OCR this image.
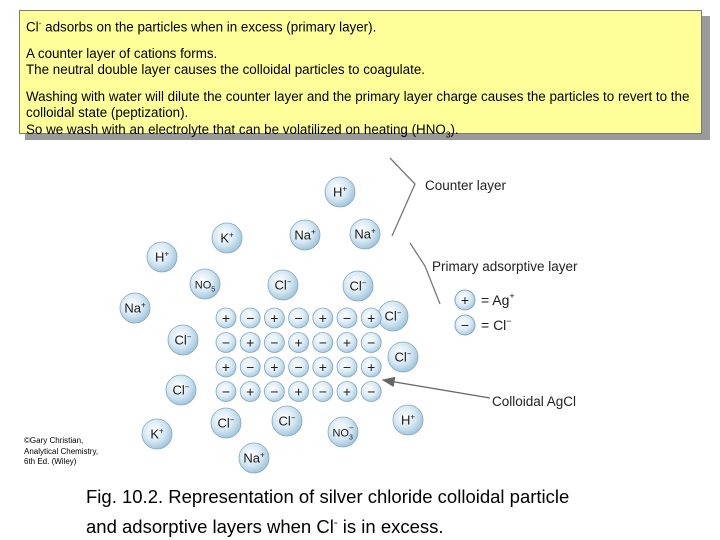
Cl- adsorbs on the particles when in excess (primary layer).

A counter layer of cations forms.

The neutral double layer causes the colloidal particles to coagulate.

Washing with water will dilute the counter layer and the primary layer charge causes the particles to revert to the colloidal state (peptization).

So we wash with an electrolyte that can be volatilized on heating $(HNO_3)$.

H+
K+	Na+	Na+
H+
$NO_5$	Cl−	Cl−
Na+
Cl−
Cl−
Cl−
Cl−
Cl−	Cl−
$NO_3-$
H+
K+
Na+
+ − + − + − +
− + − + − + −
+ − + − + − +
− + − + − + −
Counter layer
Primary adsorptive layer
Colloidal AgCl
+ = Ag+
− = Cl−
©Gary Christian,
Analytical Chemistry,
6th Ed. (Wiley)
Fig. 10.2. Representation of silver chloride colloidal particle
and adsorptive layers when Cl- is in excess.
